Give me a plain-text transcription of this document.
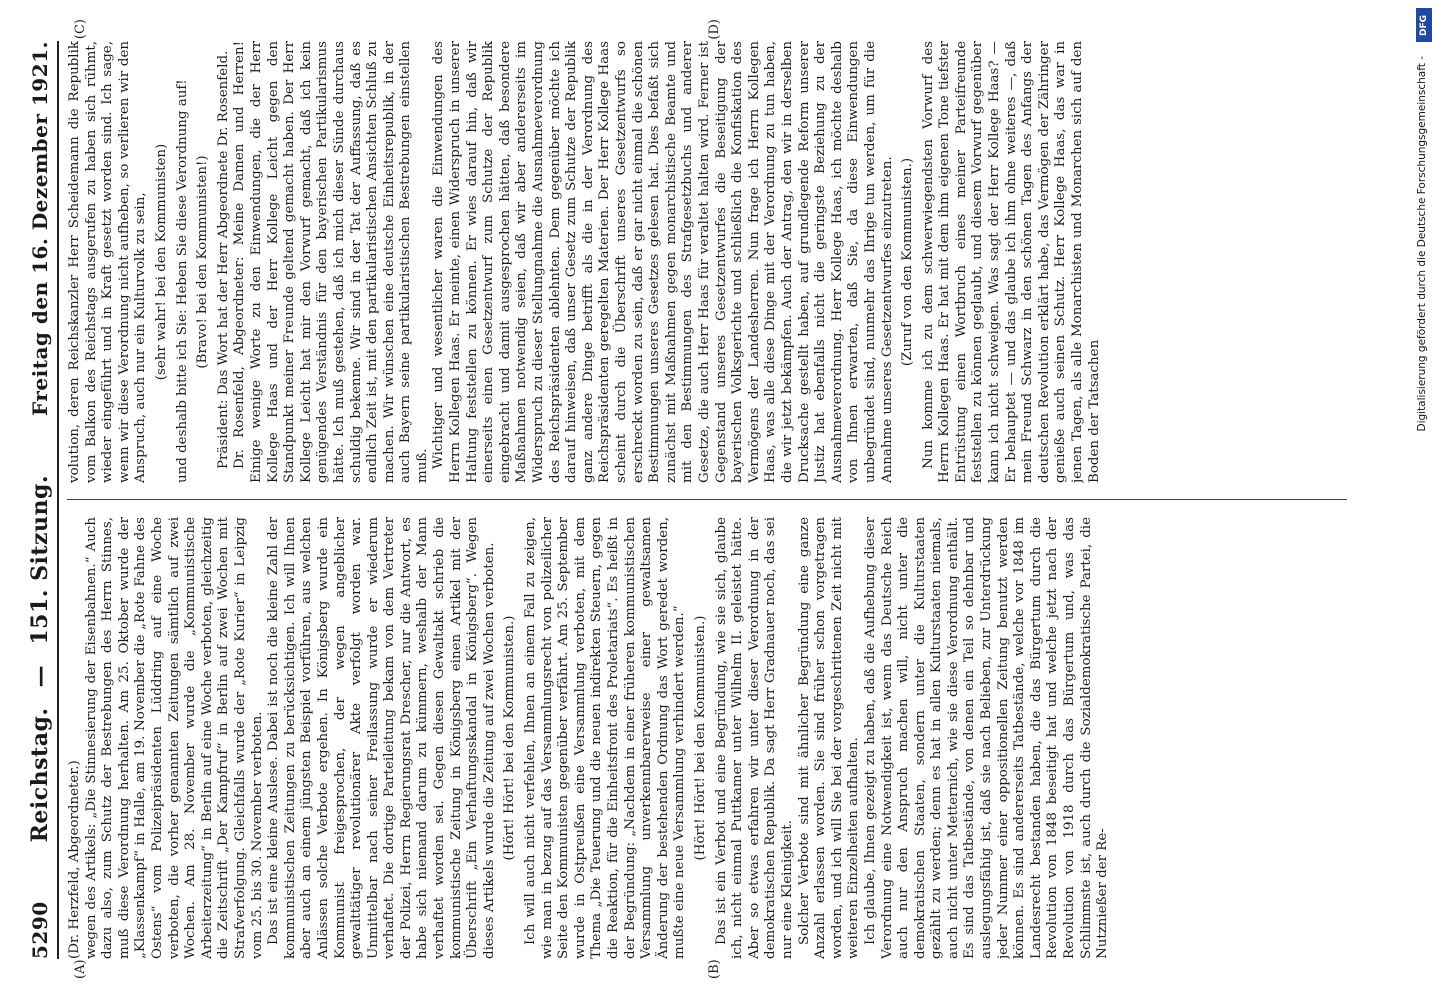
5290
Reichstag. — 151. Sitzung.
Freitag den 16. Dezember 1921.
(A)	(B)
(C)	(D)

(Dr. Herzfeld, Abgeordneter.) wegen des Artikels: „Die Stinnesierung der Eisenbahnen.“ Auch dazu also, zum Schutz der Bestrebungen des Herrn Stinnes, muß diese Verordnung herhalten. Am 25. Oktober wurde der „Klassenkampf“ in Halle, am 19. November die „Rote Fahne des Ostens“ vom Polizeipräsidenten Lüddring auf eine Woche verboten, die vorher genannten Zeitungen sämtlich auf zwei Wochen. Am 28. November wurde die „Kommunistische Arbeiterzeitung“ in Berlin auf eine Woche verboten, gleichzeitig die Zeitschrift „Der Kampfruf“ in Berlin auf zwei Wochen mit Strafverfolgung. Gleichfalls wurde der „Rote Kurier“ in Leipzig vom 25. bis 30. November verboten. Das ist eine kleine Auslese. Dabei ist noch die kleine Zahl der kommunistischen Zeitungen zu berücksichtigen. Ich will Ihnen aber auch an einem jüngsten Beispiel vorführen, aus welchen Anlässen solche Verbote ergehen. In Königsberg wurde ein Kommunist freigesprochen, der wegen angeblicher gewalttätiger revolutionärer Akte verfolgt worden war. Unmittelbar nach seiner Freilassung wurde er wiederum verhaftet. Die dortige Parteileitung bekam von dem Vertreter der Polizei, Herrn Regierungsrat Drescher, nur die Antwort, es habe sich niemand darum zu kümmern, weshalb der Mann verhaftet worden sei. Gegen diesen Gewaltakt schrieb die kommunistische Zeitung in Königsberg einen Artikel mit der Überschrift „Ein Verhaftungsskandal in Königsberg“. Wegen dieses Artikels wurde die Zeitung auf zwei Wochen verboten. (Hört! Hört! bei den Kommunisten.) Ich will auch nicht verfehlen, Ihnen an einem Fall zu zeigen, wie man in bezug auf das Versammlungsrecht von polizeilicher Seite den Kommunisten gegenüber verfährt. Am 25. September wurde in Ostpreußen eine Versammlung verboten, mit dem Thema „Die Teuerung und die neuen indirekten Steuern, gegen die Reaktion, für die Einheitsfront des Proletariats“. Es heißt in der Begründung: „Nachdem in einer früheren kommunistischen Versammlung unverkennbarerweise einer gewaltsamen Änderung der bestehenden Ordnung das Wort geredet worden, mußte eine neue Versammlung verhindert werden.“ (Hört! Hört! bei den Kommunisten.) Das ist ein Verbot und eine Begründung, wie sie sich, glaube ich, nicht einmal Puttkamer unter Wilhelm II. geleistet hätte. Aber so etwas erfahren wir unter dieser Verordnung in der demokratischen Republik. Da sagt Herr Gradnauer noch, das sei nur eine Kleinigkeit. Solcher Verbote sind mit ähnlicher Begründung eine ganze Anzahl erlassen worden. Sie sind früher schon vorgetragen worden, und ich will Sie bei der vorgeschrittenen Zeit nicht mit weiteren Einzelheiten aufhalten. Ich glaube, Ihnen gezeigt zu haben, daß die Aufhebung dieser Verordnung eine Notwendigkeit ist, wenn das Deutsche Reich auch nur den Anspruch machen will, nicht unter die demokratischen Staaten, sondern unter die Kulturstaaten gezählt zu werden; denn es hat in allen Kulturstaaten niemals, auch nicht unter Metternich, wie sie diese Verordnung enthält. Es sind das Tatbestände, von denen ein Teil so dehnbar und auslegungsfähig ist, daß sie nach Belieben, zur Unterdrückung jeder Nummer einer oppositionellen Zeitung benutzt werden können. Es sind andererseits Tatbestände, welche vor 1848 im Landesrecht bestanden haben, die das Bürgertum durch die Revolution von 1848 beseitigt hat und welche jetzt nach der Revolution von 1918 durch das Bürgertum und, was das Schlimmste ist, auch durch die Sozialdemokratische Partei, die Nutznießer der Re-

volution, deren Reichskanzler Herr Scheidemann die Republik vom Balkon des Reichstags ausgerufen zu haben sich rühmt, wieder eingeführt und in Kraft gesetzt worden sind. Ich sage, wenn wir diese Verordnung nicht aufheben, so verlieren wir den Anspruch, auch nur ein Kulturvolk zu sein, (sehr wahr! bei den Kommunisten) und deshalb bitte ich Sie: Heben Sie diese Verordnung auf! (Bravo! bei den Kommunisten!) Präsident: Das Wort hat der Herr Abgeordnete Dr. Rosenfeld. Dr. Rosenfeld, Abgeordneter: Meine Damen und Herren! Einige wenige Worte zu den Einwendungen, die der Herr Kollege Haas und der Herr Kollege Leicht gegen den Standpunkt meiner Freunde geltend gemacht haben. Der Herr Kollege Leicht hat mir den Vorwurf gemacht, daß ich kein genügendes Verständnis für den bayerischen Partikularismus hätte. Ich muß gestehen, daß ich mich dieser Sünde durchaus schuldig bekenne. Wir sind in der Tat der Auffassung, daß es endlich Zeit ist, mit den partikularistischen Ansichten Schluß zu machen. Wir wünschen eine deutsche Einheitsrepublik, in der auch Bayern seine partikularistischen Bestrebungen einstellen muß. Wichtiger und wesentlicher waren die Einwendungen des Herrn Kollegen Haas. Er meinte, einen Widerspruch in unserer Haltung feststellen zu können. Er wies darauf hin, daß wir einerseits einen Gesetzentwurf zum Schutze der Republik eingebracht und damit ausgesprochen hätten, daß besondere Maßnahmen notwendig seien, daß wir aber andererseits im Widerspruch zu dieser Stellungnahme die Ausnahmeverordnung des Reichspräsidenten ablehnten. Dem gegenüber möchte ich darauf hinweisen, daß unser Gesetz zum Schutze der Republik ganz andere Dinge betrifft als die in der Verordnung des Reichspräsidenten geregelten Materien. Der Herr Kollege Haas scheint durch die Überschrift unseres Gesetzentwurfs so erschreckt worden zu sein, daß er gar nicht einmal die schönen Bestimmungen unseres Gesetzes gelesen hat. Dies befaßt sich zunächst mit Maßnahmen gegen monarchistische Beamte und mit den Bestimmungen des Strafgesetzbuchs und anderer Gesetze, die auch Herr Haas für veraltet halten wird. Ferner ist Gegenstand unseres Gesetzentwurfes die Beseitigung der bayerischen Volksgerichte und schließlich die Konfiskation des Vermögens der Landesherren. Nun frage ich Herrn Kollegen Haas, was alle diese Dinge mit der Verordnung zu tun haben, die wir jetzt bekämpfen. Auch der Antrag, den wir in derselben Drucksache gestellt haben, auf grundlegende Reform unserer Justiz hat ebenfalls nicht die geringste Beziehung zu der Ausnahmeverordnung. Herr Kollege Haas, ich möchte deshalb von Ihnen erwarten, daß Sie, da diese Einwendungen unbegründet sind, nunmehr das Ihrige tun werden, um für die Annahme unseres Gesetzentwurfes einzutreten. (Zuruf von den Kommunisten.) Nun komme ich zu dem schwerwiegendsten Vorwurf des Herrn Kollegen Haas. Er hat mit dem ihm eigenen Tone tiefster Entrüstung einen Wortbruch eines meiner Parteifreunde feststellen zu können geglaubt, und diesem Vorwurf gegenüber kann ich nicht schweigen. Was sagt der Herr Kollege Haas? — Er behauptet — und das glaube ich ihm ohne weiteres —, daß mein Freund Schwarz in den schönen Tagen des Anfangs der deutschen Revolution erklärt habe, das Vermögen der Zähringer genieße auch seinen Schutz. Herr Kollege Haas, das war in jenen Tagen, als alle Monarchisten und Monarchen sich auf den Boden der Tatsachen

DFG
Digitalisierung gefördert durch die Deutsche Forschungsgemeinschaft -
